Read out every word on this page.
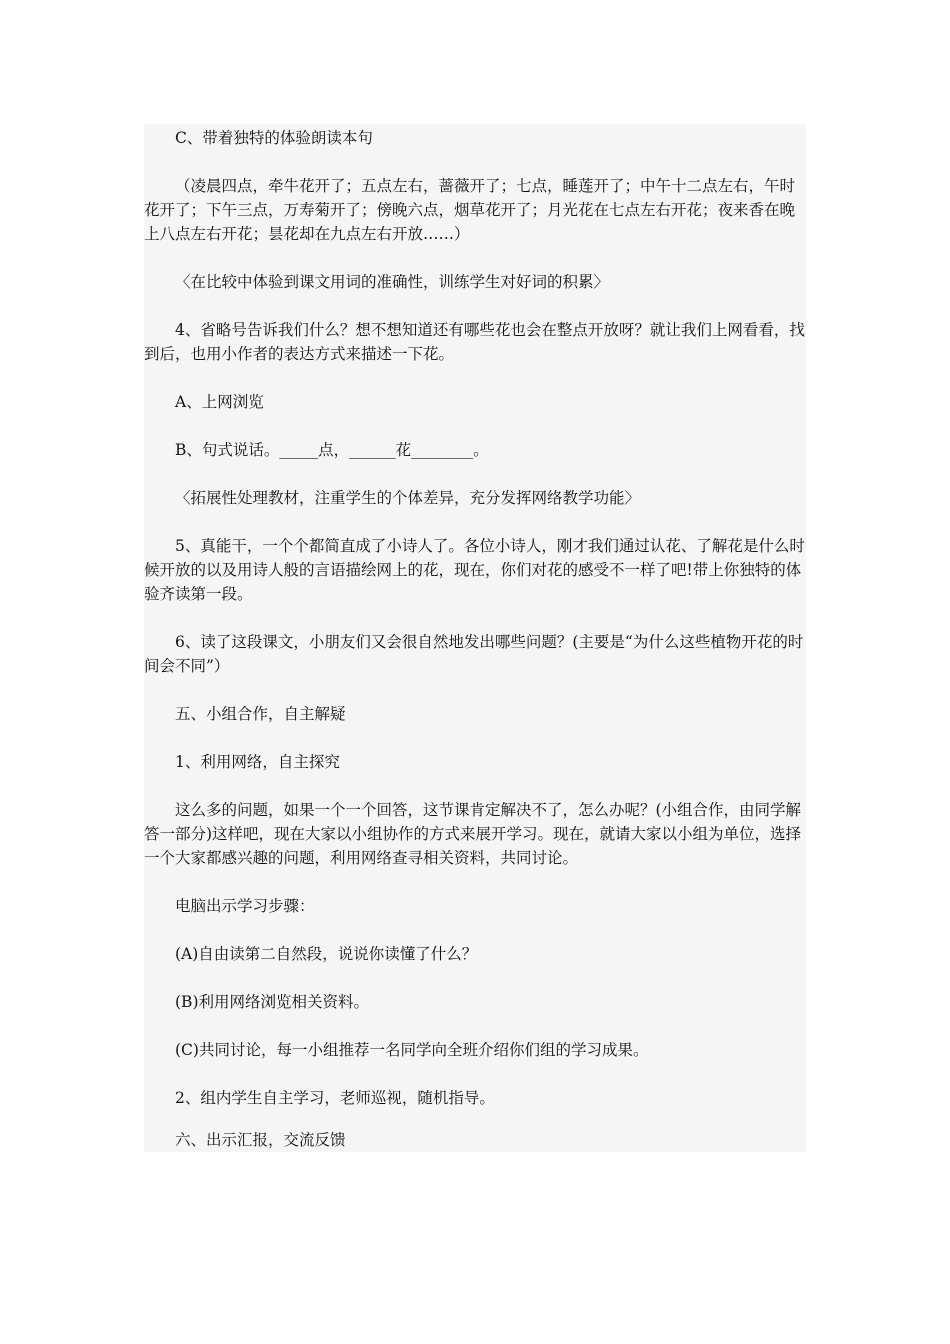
C、带着独特的体验朗读本句

（凌晨四点，牵牛花开了；五点左右，蔷薇开了；七点，睡莲开了；中午十二点左右，午时花开了；下午三点，万寿菊开了；傍晚六点，烟草花开了；月光花在七点左右开花；夜来香在晚上八点左右开花；昙花却在九点左右开放……）

〈在比较中体验到课文用词的准确性，训练学生对好词的积累〉

4、省略号告诉我们什么？想不想知道还有哪些花也会在整点开放呀？就让我们上网看看，找到后，也用小作者的表达方式来描述一下花。

A、上网浏览

B、句式说话。_____点，______花________。

〈拓展性处理教材，注重学生的个体差异，充分发挥网络教学功能〉

5、真能干，一个个都简直成了小诗人了。各位小诗人，刚才我们通过认花、了解花是什么时候开放的以及用诗人般的言语描绘网上的花，现在，你们对花的感受不一样了吧!带上你独特的体验齐读第一段。

6、读了这段课文，小朋友们又会很自然地发出哪些问题？(主要是“为什么这些植物开花的时间会不同”）

五、小组合作，自主解疑

1、利用网络，自主探究

这么多的问题，如果一个一个回答，这节课肯定解决不了，怎么办呢？(小组合作，由同学解答一部分)这样吧，现在大家以小组协作的方式来展开学习。现在，就请大家以小组为单位，选择一个大家都感兴趣的问题，利用网络查寻相关资料，共同讨论。

电脑出示学习步骤：

(A)自由读第二自然段，说说你读懂了什么？

(B)利用网络浏览相关资料。

(C)共同讨论，每一小组推荐一名同学向全班介绍你们组的学习成果。

2、组内学生自主学习，老师巡视，随机指导。

六、出示汇报，交流反馈
